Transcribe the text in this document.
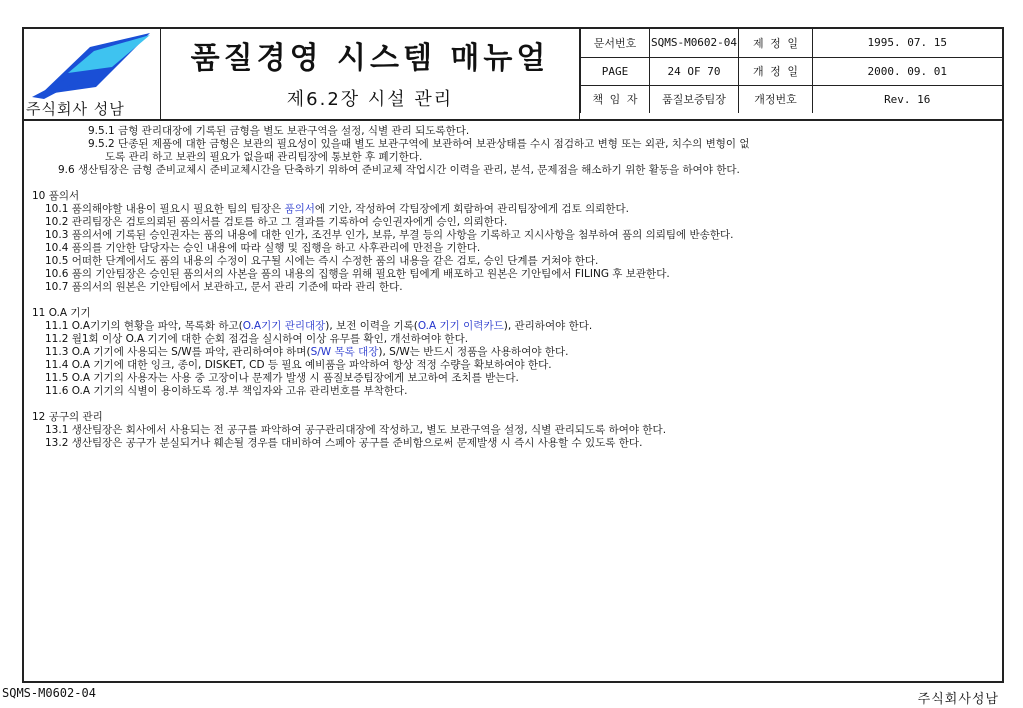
주식회사 성남
품질경영 시스템 매뉴얼
제6.2장 시설 관리
문서번호	SQMS-M0602-04	제 정 일	1995. 07. 15
PAGE	24 OF 70	개 정 일	2000. 09. 01
책 임 자	품질보증팀장	개정번호	Rev. 16
9.5.1 금형 관리대장에 기록된 금형을 별도 보관구역을 설정, 식별 관리 되도록한다.
9.5.2 단종된 제품에 대한 금형은 보관의 필요성이 있을때 별도 보관구역에 보관하여 보관상태를 수시 점검하고 변형 또는 외관, 치수의 변형이 없
도록 관리 하고 보관의 필요가 없을때 관리팀장에 통보한 후 폐기한다.
9.6 생산팀장은 금형 준비교체시 준비교체시간을 단축하기 위하여 준비교체 작업시간 이력을 관리, 분석, 문제점을 해소하기 위한 활동을 하여야 한다.
10 품의서
10.1 품의해야할 내용이 필요시 필요한 팀의 팀장은 품의서에 기안, 작성하여 각팀장에게 회람하여 관리팀장에게 검토 의뢰한다.
10.2 관리팀장은 검토의뢰된 품의서를 검토를 하고 그 결과를 기록하여 승인권자에게 승인, 의뢰한다.
10.3 품의서에 기록된 승인권자는 품의 내용에 대한 인가, 조건부 인가, 보류, 부결 등의 사항을 기록하고 지시사항을 첨부하여 품의 의뢰팀에 반송한다.
10.4 품의를 기안한 담당자는 승인 내용에 따라 실행 및 집행을 하고 사후관리에 만전을 기한다.
10.5 어떠한 단계에서도 품의 내용의 수정이 요구될 시에는 즉시 수정한 품의 내용을 같은 검토, 승인 단계를 거쳐야 한다.
10.6 품의 기안팀장은 승인된 품의서의 사본을 품의 내용의 집행을 위해 필요한 팀에게 배포하고 원본은 기안팀에서 FILING 후 보관한다.
10.7 품의서의 원본은 기안팀에서 보관하고, 문서 관리 기준에 따라 관리 한다.
11 O.A 기기
11.1 O.A기기의 현황을 파악, 목록화 하고(O.A기기 관리대장), 보전 이력을 기록(O.A 기기 이력카드), 관리하여야 한다.
11.2 월1회 이상 O.A 기기에 대한 순회 점검을 실시하여 이상 유무를 확인, 개선하여야 한다.
11.3 O.A 기기에 사용되는 S/W를 파악, 관리하여야 하며(S/W 목록 대장), S/W는 반드시 정품을 사용하여야 한다.
11.4 O.A 기기에 대한 잉크, 종이, DISKET, CD 등 필요 예비품을 파악하여 항상 적정 수량을 확보하여야 한다.
11.5 O.A 기기의 사용자는 사용 중 고장이나 문제가 발생 시 품질보증팀장에게 보고하여 조치를 받는다.
11.6 O.A 기기의 식별이 용이하도록 정.부 책임자와 고유 관리번호를 부착한다.
12 공구의 관리
13.1 생산팀장은 회사에서 사용되는 전 공구를 파악하여 공구관리대장에 작성하고, 별도 보관구역을 설정, 식별 관리되도록 하여야 한다.
13.2 생산팀장은 공구가 분실되거나 훼손될 경우를 대비하여 스페아 공구를 준비함으로써 문제발생 시 즉시 사용할 수 있도록 한다.
SQMS-M0602-04	주식회사성남
